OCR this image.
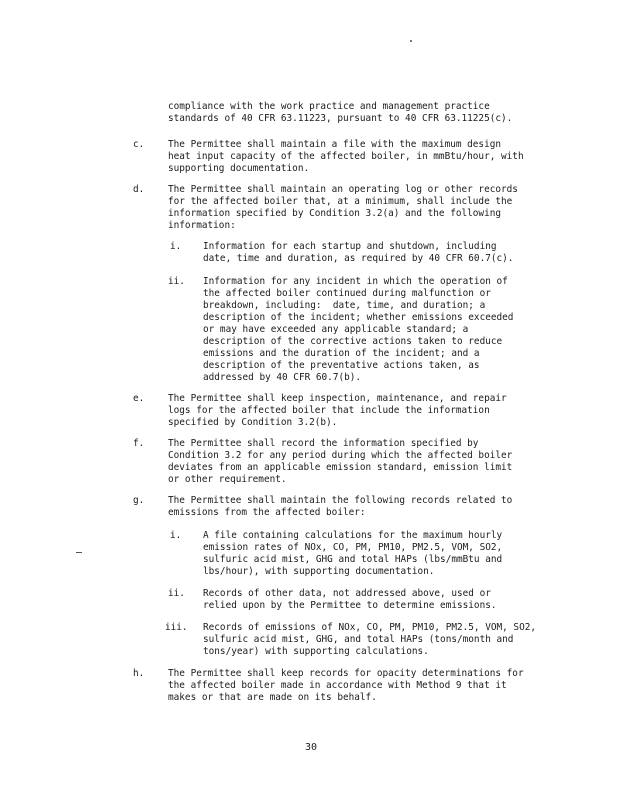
compliance with the work practice and management practice
standards of 40 CFR 63.11223, pursuant to 40 CFR 63.11225(c).
c.	The Permittee shall maintain a file with the maximum design
heat input capacity of the affected boiler, in mmBtu/hour, with
supporting documentation.
d.	The Permittee shall maintain an operating log or other records
for the affected boiler that, at a minimum, shall include the
information specified by Condition 3.2(a) and the following
information:
i. Information for each startup and shutdown, including
date, time and duration, as required by 40 CFR 60.7(c).
ii. Information for any incident in which the operation of
the affected boiler continued during malfunction or
breakdown, including:  date, time, and duration; a
description of the incident; whether emissions exceeded
or may have exceeded any applicable standard; a
description of the corrective actions taken to reduce
emissions and the duration of the incident; and a
description of the preventative actions taken, as
addressed by 40 CFR 60.7(b).
e.	The Permittee shall keep inspection, maintenance, and repair
logs for the affected boiler that include the information
specified by Condition 3.2(b).
f.	The Permittee shall record the information specified by
Condition 3.2 for any period during which the affected boiler
deviates from an applicable emission standard, emission limit
or other requirement.
g.	The Permittee shall maintain the following records related to
emissions from the affected boiler:
i. A file containing calculations for the maximum hourly
emission rates of NOx, CO, PM, PM10, PM2.5, VOM, SO2,
sulfuric acid mist, GHG and total HAPs (lbs/mmBtu and
lbs/hour), with supporting documentation.
ii. Records of other data, not addressed above, used or
relied upon by the Permittee to determine emissions.
iii. Records of emissions of NOx, CO, PM, PM10, PM2.5, VOM, SO2,
sulfuric acid mist, GHG, and total HAPs (tons/month and
tons/year) with supporting calculations.
h.	The Permittee shall keep records for opacity determinations for
the affected boiler made in accordance with Method 9 that it
makes or that are made on its behalf.
30
